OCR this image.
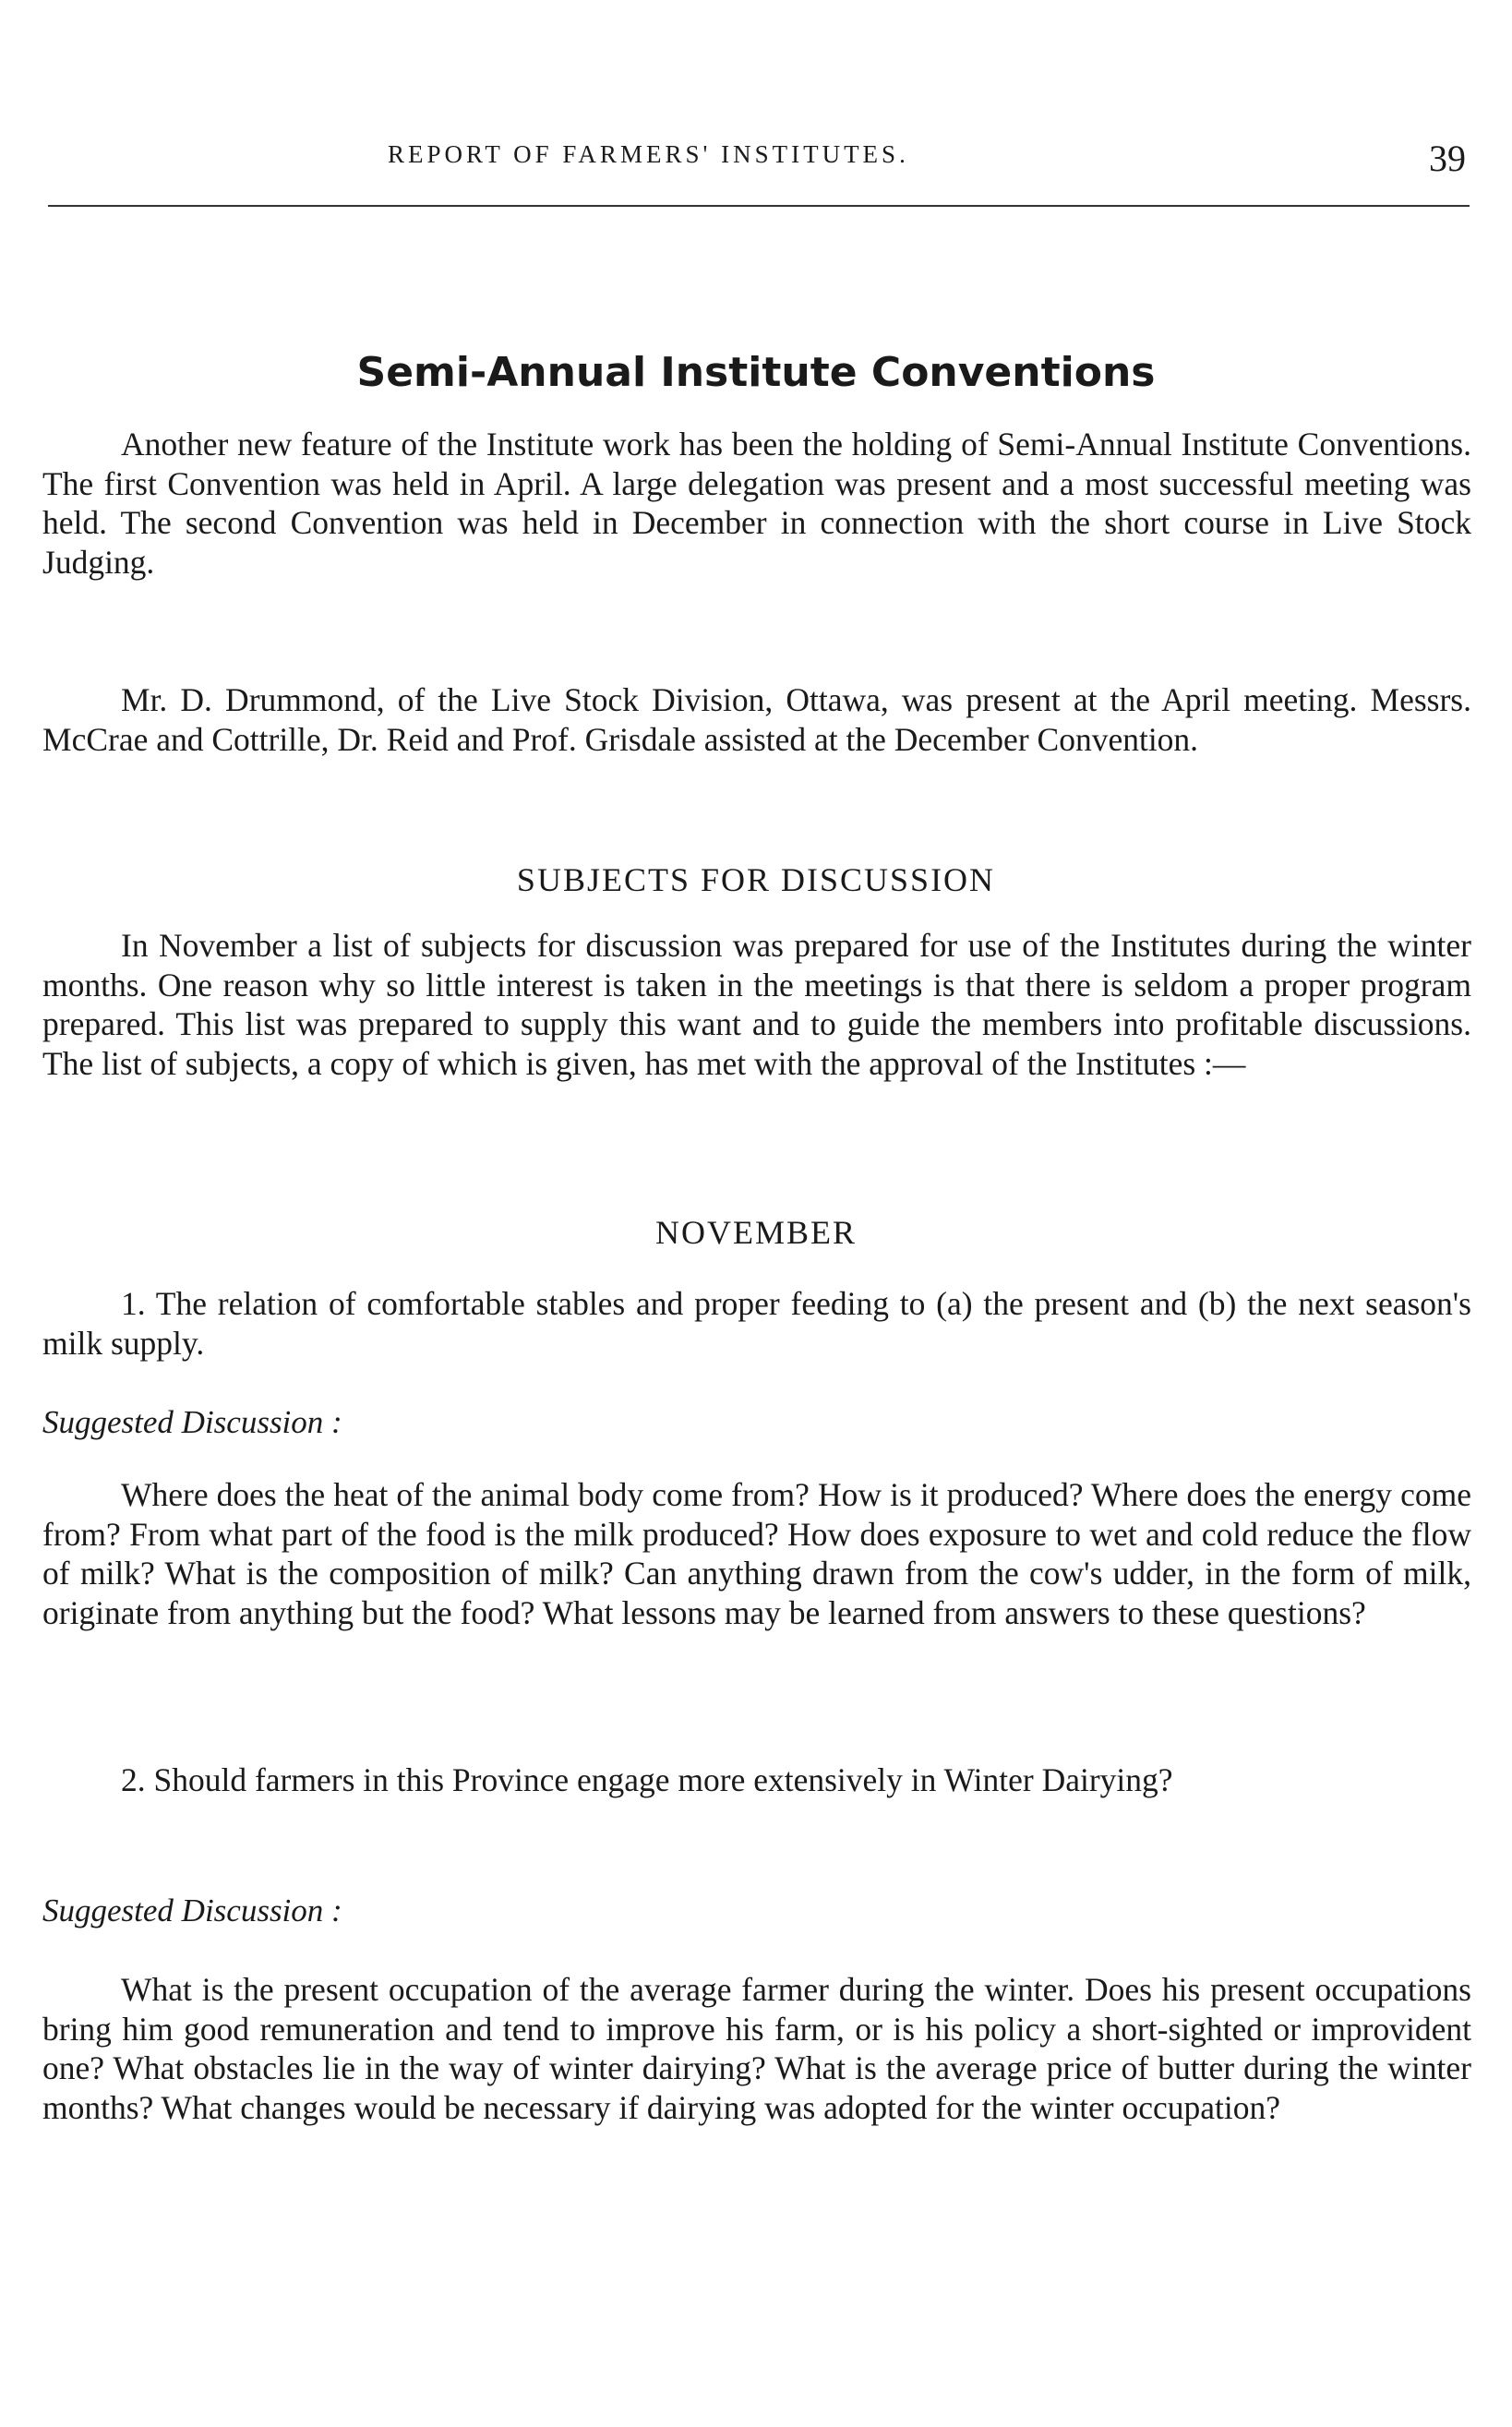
REPORT OF FARMERS' INSTITUTES.	39
Semi-Annual Institute Conventions

Another new feature of the Institute work has been the holding of Semi-Annual Institute Conventions. The first Convention was held in April. A large delegation was present and a most successful meeting was held. The second Convention was held in December in connection with the short course in Live Stock Judging.

Mr. D. Drummond, of the Live Stock Division, Ottawa, was present at the April meeting. Messrs. McCrae and Cottrille, Dr. Reid and Prof. Grisdale assisted at the December Convention.

SUBJECTS FOR DISCUSSION

In November a list of subjects for discussion was prepared for use of the Institutes during the winter months. One reason why so little interest is taken in the meetings is that there is seldom a proper program prepared. This list was prepared to supply this want and to guide the members into profitable discussions. The list of subjects, a copy of which is given, has met with the approval of the Institutes :—

NOVEMBER

1. The relation of comfortable stables and proper feeding to (a) the present and (b) the next season's milk supply.

Suggested Discussion :

Where does the heat of the animal body come from? How is it produced? Where does the energy come from? From what part of the food is the milk produced? How does exposure to wet and cold reduce the flow of milk? What is the composition of milk? Can anything drawn from the cow's udder, in the form of milk, originate from anything but the food? What lessons may be learned from answers to these questions?

2. Should farmers in this Province engage more extensively in Winter Dairying?

Suggested Discussion :

What is the present occupation of the average farmer during the winter. Does his present occupations bring him good remuneration and tend to improve his farm, or is his policy a short-sighted or improvident one? What obstacles lie in the way of winter dairying? What is the average price of butter during the winter months? What changes would be necessary if dairying was adopted for the winter occupation?
